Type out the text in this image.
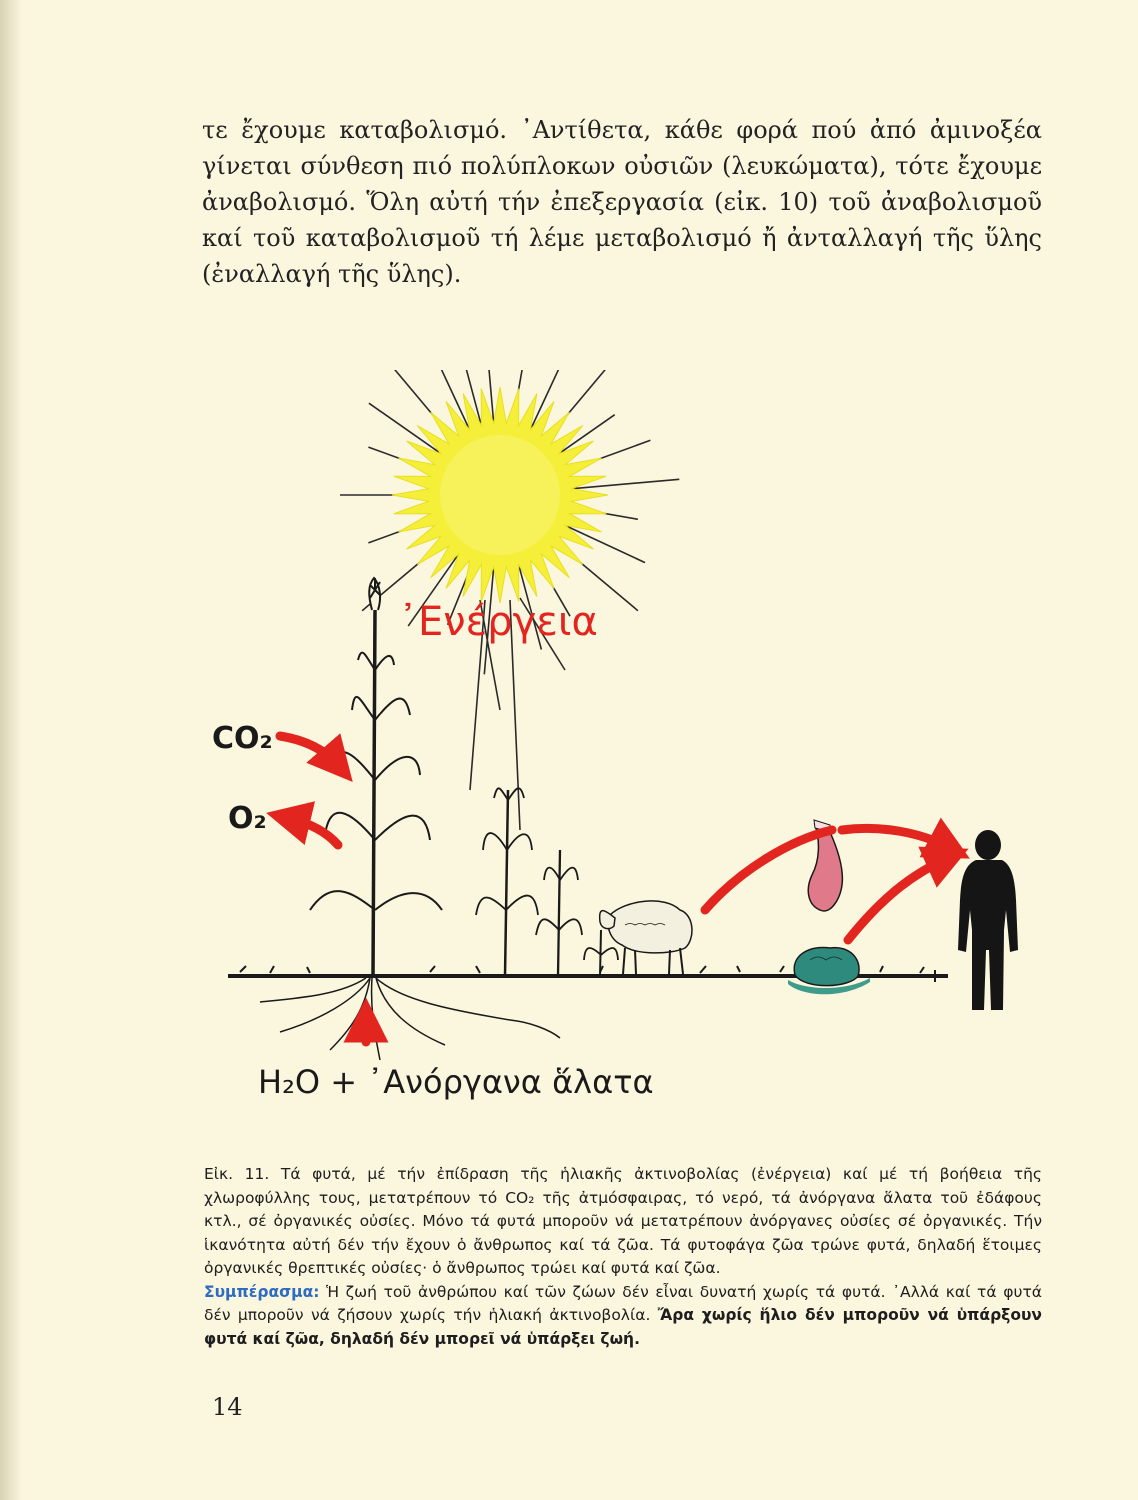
τε ἔχουμε καταβολισμό. ᾿Αντίθετα, κάθε φορά πού ἀπό ἀμινοξέα γίνεται σύνθεση πιό πολύπλοκων οὐσιῶν (λευκώματα), τότε ἔχουμε ἀναβολισμό. Ὅλη αὐτή τήν ἐπεξεργασία (εἰκ. 10) τοῦ ἀναβολισμοῦ καί τοῦ καταβολισμοῦ τή λέμε μεταβολισμό ἤ ἀνταλλαγή τῆς ὕλης (ἐναλλαγή τῆς ὕλης).

᾿Ενέργεια
CO₂
O₂
H₂O + ᾿Ανόργανα ἅλατα

Εἰκ. 11. Τά φυτά, μέ τήν ἐπίδραση τῆς ἡλιακῆς ἀκτινοβολίας (ἐνέργεια) καί μέ τή βοήθεια τῆς χλωροφύλλης τους, μετατρέπουν τό CO₂ τῆς ἀτμόσφαιρας, τό νερό, τά ἀνόργανα ἅλατα τοῦ ἐδάφους κτλ., σέ ὀργανικές οὐσίες. Μόνο τά φυτά μποροῦν νά μετατρέπουν ἀνόργανες οὐσίες σέ ὀργανικές. Τήν ἱκανότητα αὐτή δέν τήν ἔχουν ὁ ἄνθρωπος καί τά ζῶα. Τά φυτοφάγα ζῶα τρώνε φυτά, δηλαδή ἕτοιμες ὀργανικές θρεπτικές οὐσίες· ὁ ἄνθρωπος τρώει καί φυτά καί ζῶα.

Συμπέρασμα: Ἡ ζωή τοῦ ἀνθρώπου καί τῶν ζώων δέν εἶναι δυνατή χωρίς τά φυτά. ᾿Αλλά καί τά φυτά δέν μποροῦν νά ζήσουν χωρίς τήν ἡλιακή ἀκτινοβολία. Ἄρα χωρίς ἥλιο δέν μποροῦν νά ὑπάρξουν φυτά καί ζῶα, δηλαδή δέν μπορεῖ νά ὑπάρξει ζωή.

14
